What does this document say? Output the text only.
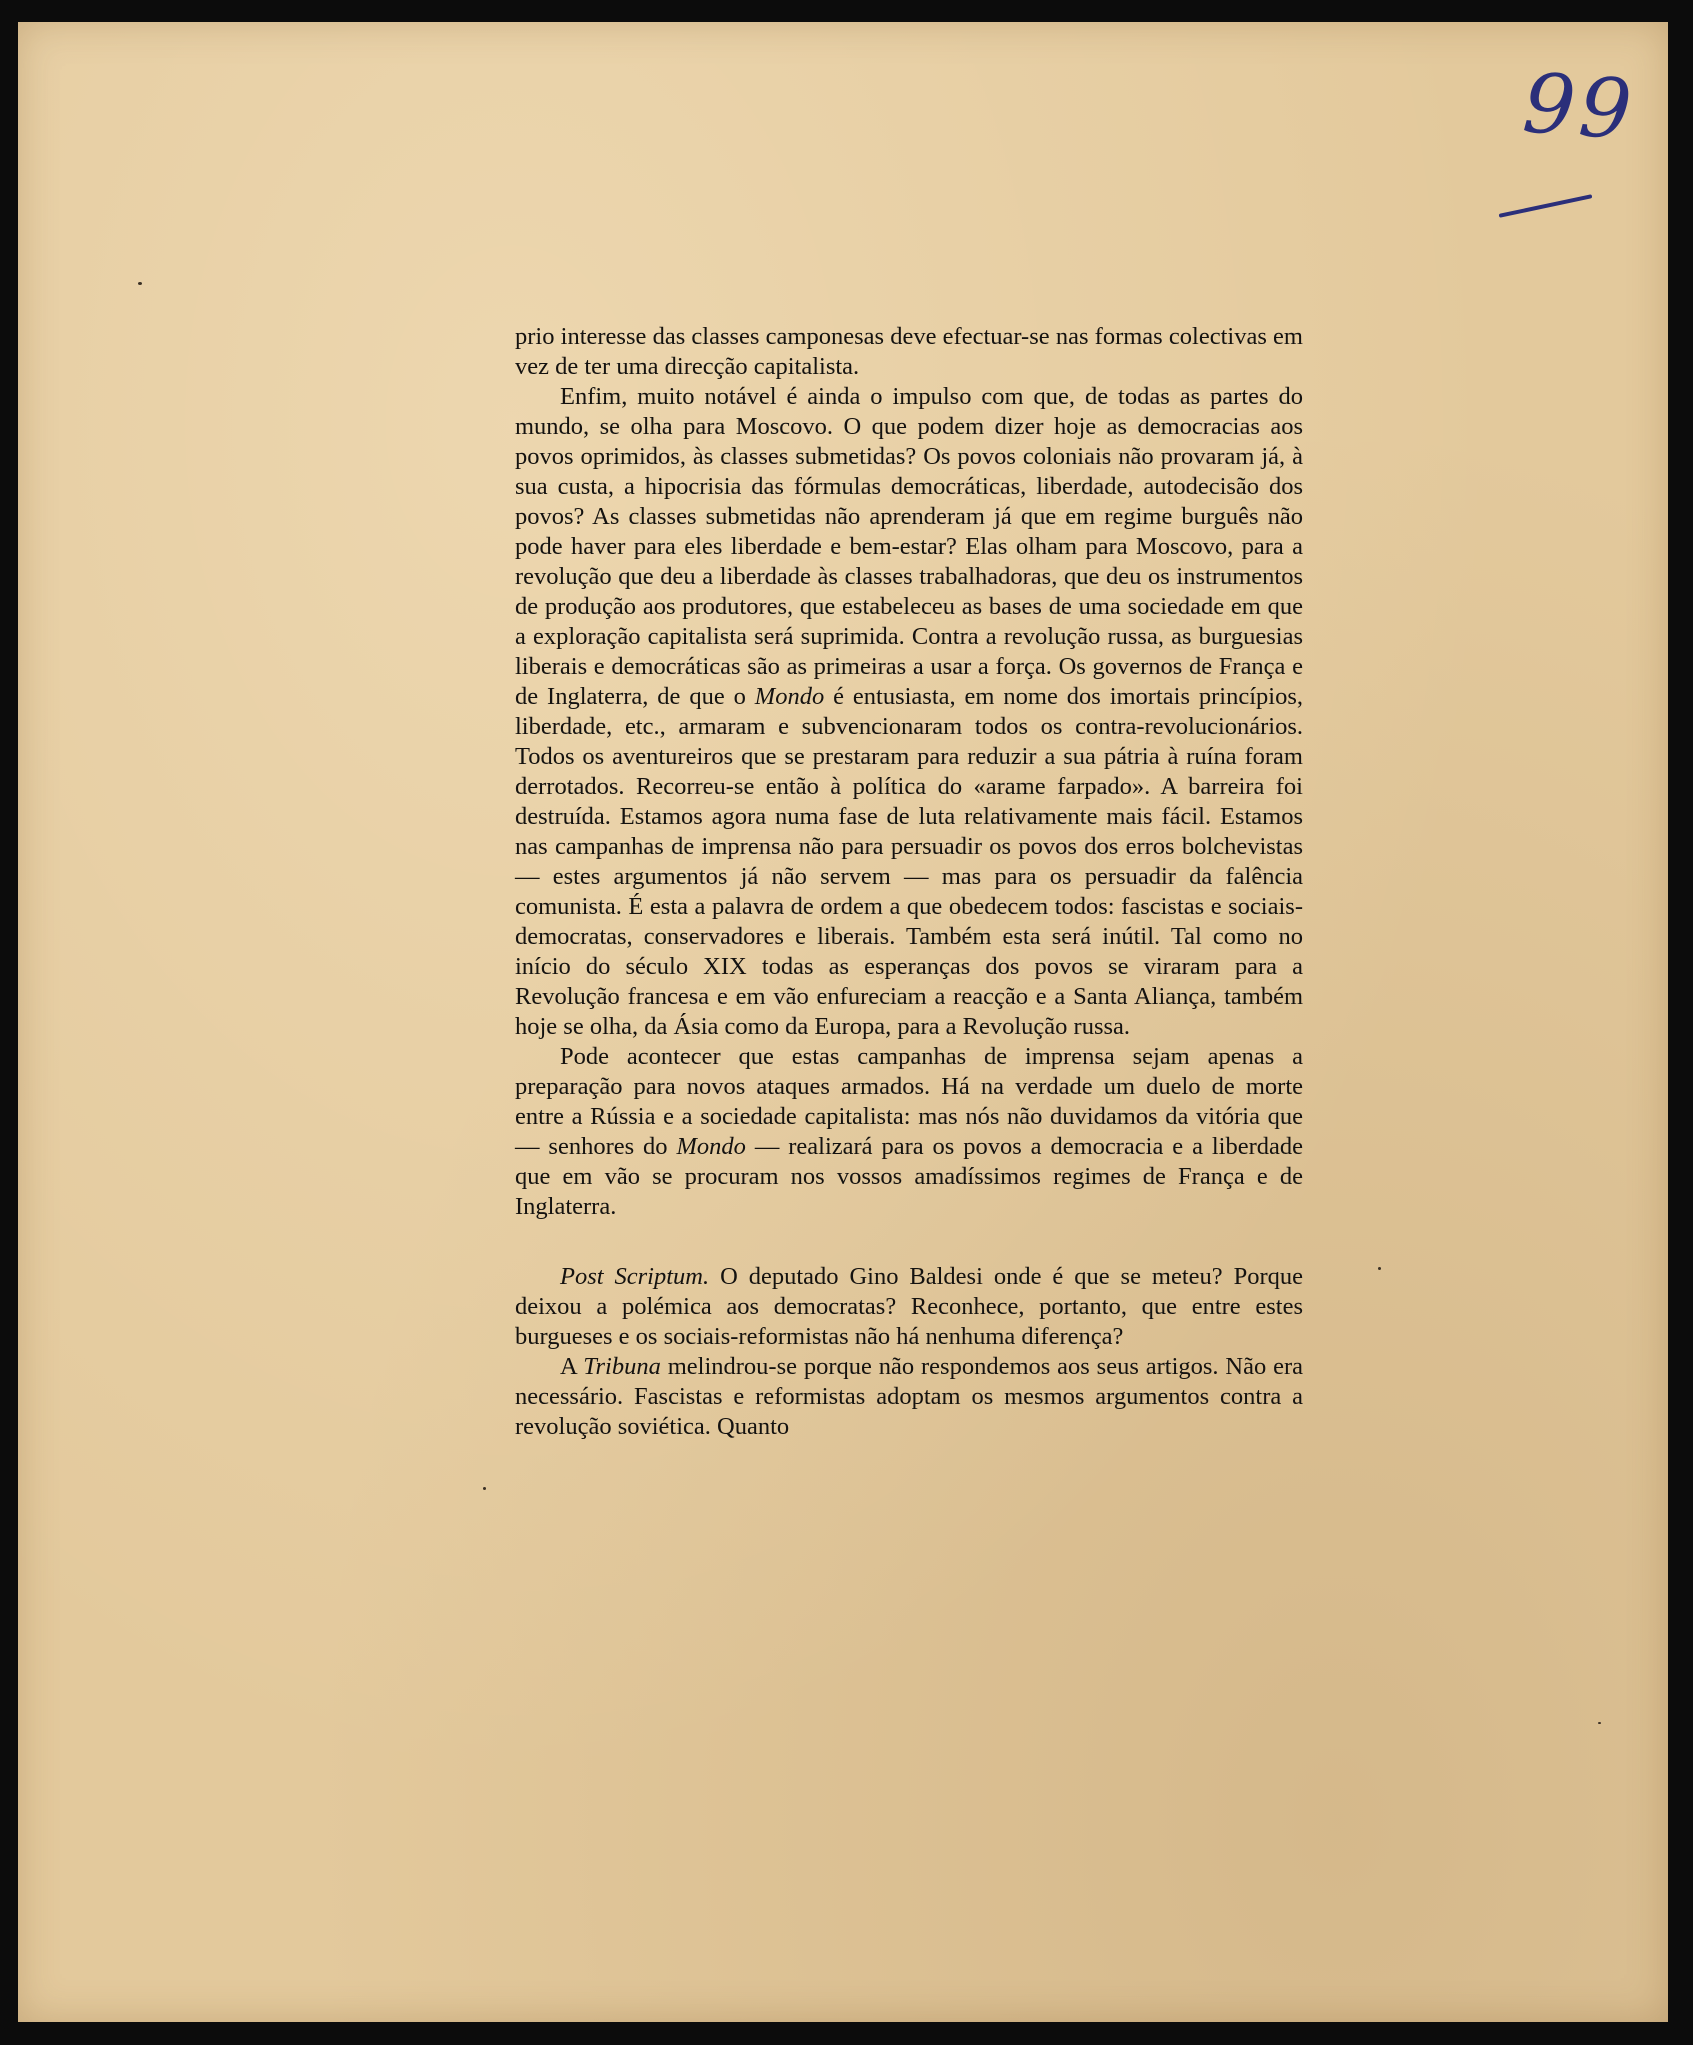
99

prio interesse das classes camponesas deve efectuar-se nas formas colectivas em vez de ter uma direcção capitalista.

Enfim, muito notável é ainda o impulso com que, de todas as partes do mundo, se olha para Moscovo. O que podem dizer hoje as democracias aos povos oprimidos, às classes submetidas? Os povos coloniais não provaram já, à sua custa, a hipocrisia das fórmulas democráticas, liberdade, autodecisão dos povos? As classes submetidas não aprenderam já que em regime burguês não pode haver para eles liberdade e bem-estar? Elas olham para Moscovo, para a revolução que deu a liberdade às classes trabalhadoras, que deu os instrumentos de produção aos produtores, que estabeleceu as bases de uma sociedade em que a exploração capitalista será suprimida. Contra a revolução russa, as burguesias liberais e democráticas são as primeiras a usar a força. Os governos de França e de Inglaterra, de que o Mondo é entusiasta, em nome dos imortais princípios, liberdade, etc., armaram e subvencionaram todos os contra-revolucionários. Todos os aventureiros que se prestaram para reduzir a sua pátria à ruína foram derrotados. Recorreu-se então à política do «arame farpado». A barreira foi destruída. Estamos agora numa fase de luta relativamente mais fácil. Estamos nas campanhas de imprensa não para persuadir os povos dos erros bolchevistas — estes argumentos já não servem — mas para os persuadir da falência comunista. É esta a palavra de ordem a que obedecem todos: fascistas e sociais-democratas, conservadores e liberais. Também esta será inútil. Tal como no início do século XIX todas as esperanças dos povos se viraram para a Revolução francesa e em vão enfureciam a reacção e a Santa Aliança, também hoje se olha, da Ásia como da Europa, para a Revolução russa.

Pode acontecer que estas campanhas de imprensa sejam apenas a preparação para novos ataques armados. Há na verdade um duelo de morte entre a Rússia e a sociedade capitalista: mas nós não duvidamos da vitória que — senhores do Mondo — realizará para os povos a democracia e a liberdade que em vão se procuram nos vossos amadíssimos regimes de França e de Inglaterra.

Post Scriptum. O deputado Gino Baldesi onde é que se meteu? Porque deixou a polémica aos democratas? Reconhece, portanto, que entre estes burgueses e os sociais-reformistas não há nenhuma diferença?

A Tribuna melindrou-se porque não respondemos aos seus artigos. Não era necessário. Fascistas e reformistas adoptam os mesmos argumentos contra a revolução soviética. Quanto
